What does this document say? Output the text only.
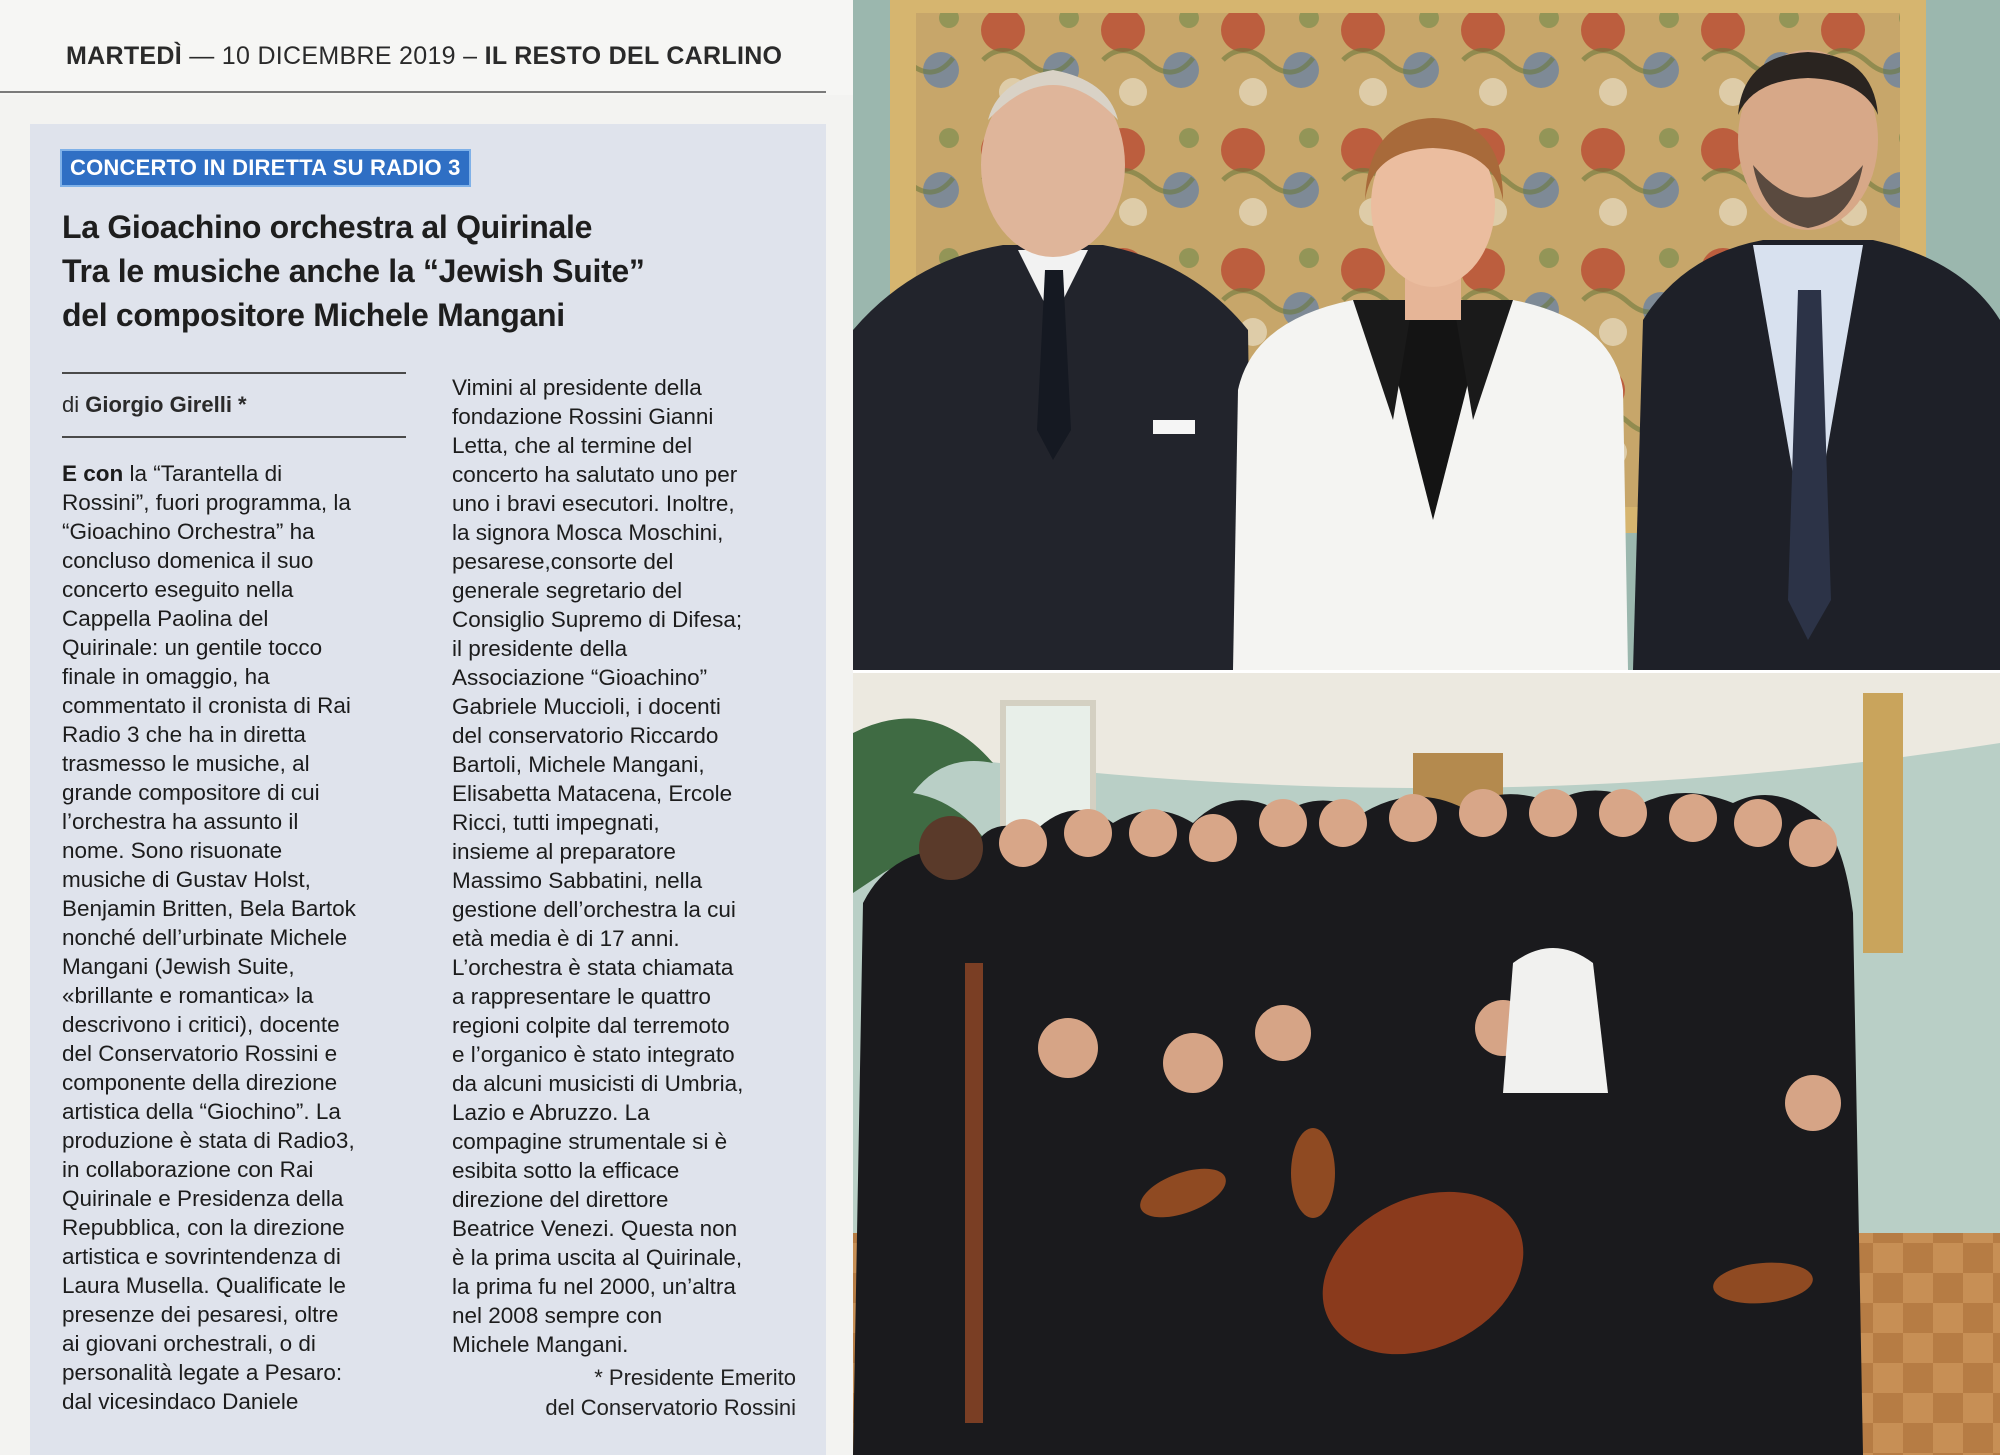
MARTEDÌ — 10 DICEMBRE 2019 – IL RESTO DEL CARLINO
CONCERTO IN DIRETTA SU RADIO 3
La Gioachino orchestra al Quirinale
Tra le musiche anche la “Jewish Suite”
del compositore Michele Mangani
di Giorgio Girelli *
E con la “Tarantella di
Rossini”, fuori programma, la
“Gioachino Orchestra” ha
concluso domenica il suo
concerto eseguito nella
Cappella Paolina del
Quirinale: un gentile tocco
finale in omaggio, ha
commentato il cronista di Rai
Radio 3 che ha in diretta
trasmesso le musiche, al
grande compositore di cui
l’orchestra ha assunto il
nome. Sono risuonate
musiche di Gustav Holst,
Benjamin Britten, Bela Bartok
nonché dell’urbinate Michele
Mangani (Jewish Suite,
«brillante e romantica» la
descrivono i critici), docente
del Conservatorio Rossini e
componente della direzione
artistica della “Giochino”. La
produzione è stata di Radio3,
in collaborazione con Rai
Quirinale e Presidenza della
Repubblica, con la direzione
artistica e sovrintendenza di
Laura Musella. Qualificate le
presenze dei pesaresi, oltre
ai giovani orchestrali, o di
personalità legate a Pesaro:
dal vicesindaco Daniele
Vimini al presidente della
fondazione Rossini Gianni
Letta, che al termine del
concerto ha salutato uno per
uno i bravi esecutori. Inoltre,
la signora Mosca Moschini,
pesarese,consorte del
generale segretario del
Consiglio Supremo di Difesa;
il presidente della
Associazione “Gioachino”
Gabriele Muccioli, i docenti
del conservatorio Riccardo
Bartoli, Michele Mangani,
Elisabetta Matacena, Ercole
Ricci, tutti impegnati,
insieme al preparatore
Massimo Sabbatini, nella
gestione dell’orchestra la cui
età media è di 17 anni.
L’orchestra è stata chiamata
a rappresentare le quattro
regioni colpite dal terremoto
e l’organico è stato integrato
da alcuni musicisti di Umbria,
Lazio e Abruzzo. La
compagine strumentale si è
esibita sotto la efficace
direzione del direttore
Beatrice Venezi. Questa non
è la prima uscita al Quirinale,
la prima fu nel 2000, un’altra
nel 2008 sempre con
Michele Mangani.
* Presidente Emerito
del Conservatorio Rossini
